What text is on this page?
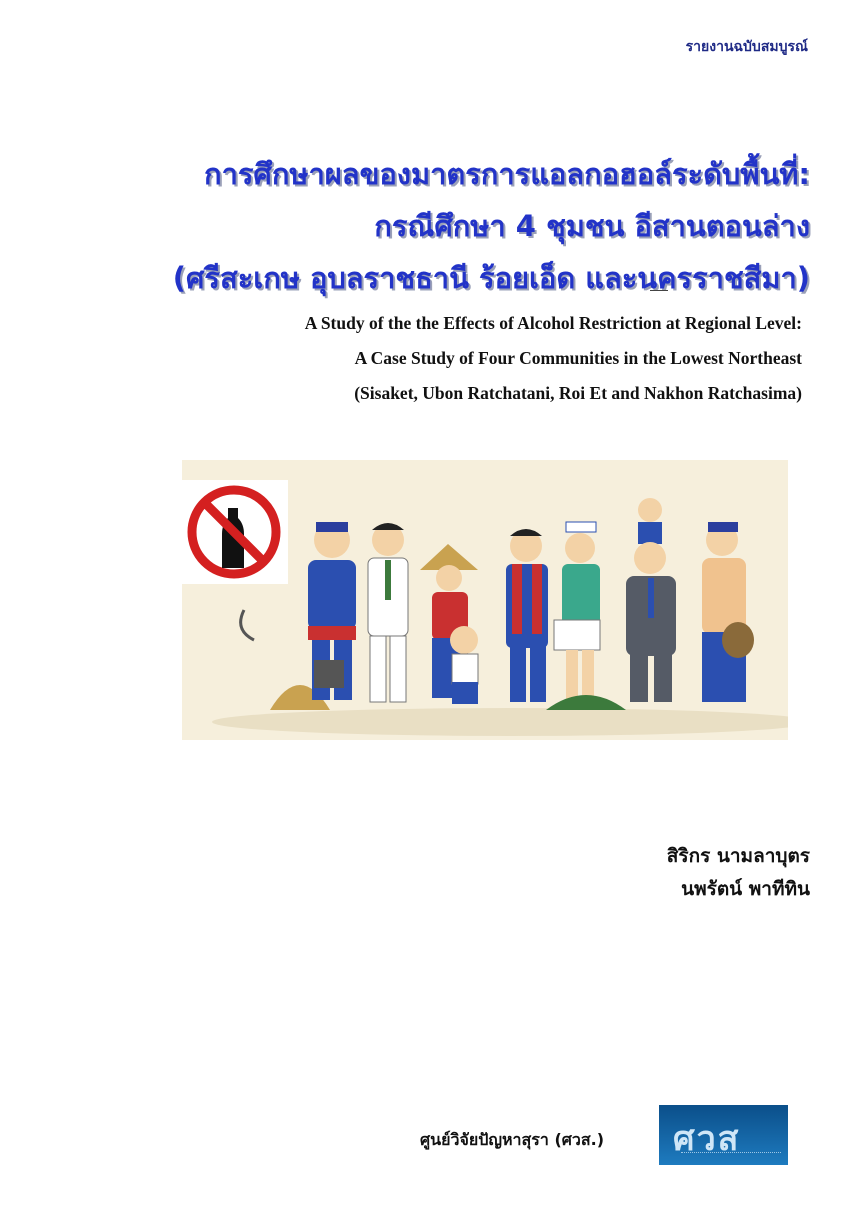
รายงานฉบับสมบูรณ์
การศึกษาผลของมาตรการแอลกอฮอล์ระดับพื้นที่:
กรณีศึกษา 4 ชุมชน อีสานตอนล่าง
(ศรีสะเกษ อุบลราชธานี ร้อยเอ็ด และนครราชสีมา)
A Study of the the Effects of Alcohol Restriction at Regional Level:
A Case Study of Four Communities in the Lowest Northeast
(Sisaket, Ubon Ratchatani, Roi Et and Nakhon Ratchasima)
สิริกร นามลาบุตร
นพรัตน์ พาทีทิน
ศูนย์วิจัยปัญหาสุรา (ศวส.) ศวส
